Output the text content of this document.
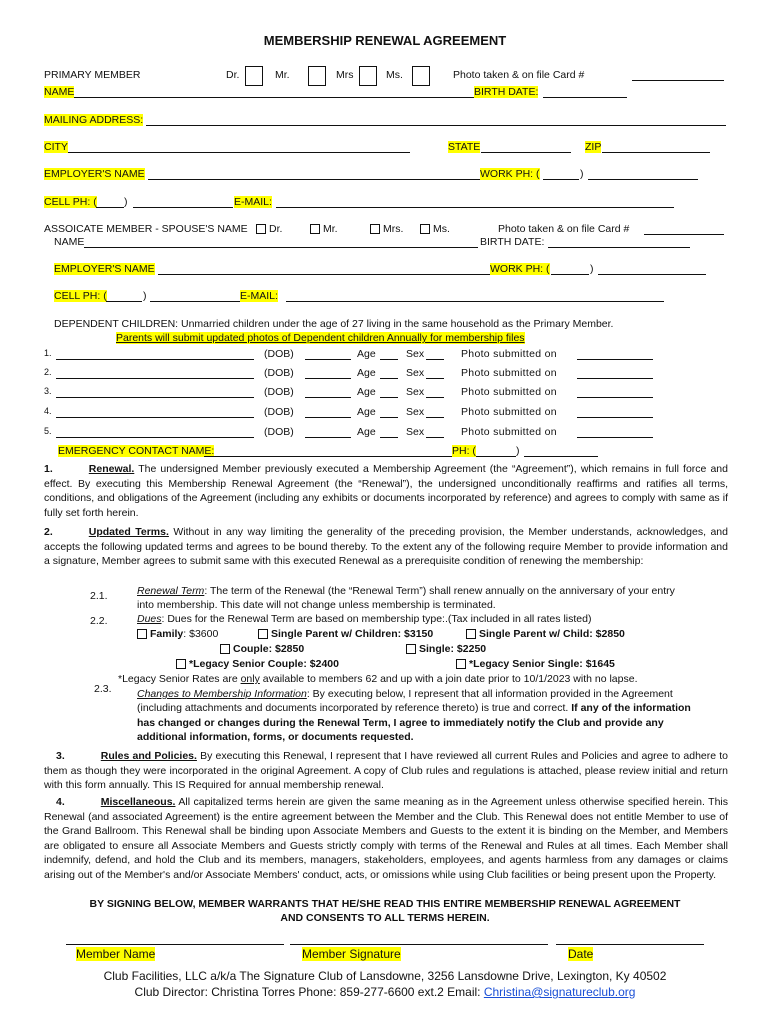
MEMBERSHIP RENEWAL AGREEMENT
PRIMARY MEMBER	Dr.	Mr.	Mrs	Ms.	Photo taken & on file Card #
NAME	BIRTH DATE:
MAILING ADDRESS:
CITY	STATE	ZIP
EMPLOYER'S NAME	WORK PH: (	)
CELL PH: (	)	E-MAIL:
ASSOICATE MEMBER - SPOUSE'S NAME	Dr.	Mr.	Mrs.	Ms.	Photo taken & on file Card #
NAME	BIRTH DATE:
EMPLOYER'S NAME	WORK PH: (	)
CELL PH: (	)	E-MAIL:
DEPENDENT CHILDREN: Unmarried children under the age of 27 living in the same household as the Primary Member.
Parents will submit updated photos of Dependent children Annually for membership files
1.	(DOB)	Age	Sex	Photo submitted on
2.	(DOB)	Age	Sex	Photo submitted on
3.	(DOB)	Age	Sex	Photo submitted on
4.	(DOB)	Age	Sex	Photo submitted on
5.	(DOB)	Age	Sex	Photo submitted on
EMERGENCY CONTACT NAME:	PH: (	)
1.	Renewal. The undersigned Member previously executed a Membership Agreement (the “Agreement”), which remains in full force and effect. By executing this Membership Renewal Agreement (the “Renewal”), the undersigned unconditionally reaffirms and ratifies all terms, conditions, and obligations of the Agreement (including any exhibits or documents incorporated by reference) and agrees to comply with same as if fully set forth herein.
2.	Updated Terms. Without in any way limiting the generality of the preceding provision, the Member understands, acknowledges, and accepts the following updated terms and agrees to be bound thereby. To the extent any of the following require Member to provide information and a signature, Member agrees to submit same with this executed Renewal as a prerequisite condition of renewing the membership:
2.1.	Renewal Term: The term of the Renewal (the “Renewal Term”) shall renew annually on the anniversary of your entry
into membership. This date will not change unless membership is terminated.
2.2.	Dues: Dues for the Renewal Term are based on membership type:.(Tax included in all rates listed)
Family: $3600	Single Parent w/ Children: $3150	Single Parent w/ Child: $2850
Couple: $2850	Single: $2250
*Legacy Senior Couple: $2400	*Legacy Senior Single: $1645
*Legacy Senior Rates are only available to members 62 and up with a join date prior to 10/1/2023 with no lapse.
2.3. Changes to Membership Information: By executing below, I represent that all information provided in the Agreement
(including attachments and documents incorporated by reference thereto) is true and correct. If any of the information
has changed or changes during the Renewal Term, I agree to immediately notify the Club and provide any
additional information, forms, or documents requested.
3.	Rules and Policies. By executing this Renewal, I represent that I have reviewed all current Rules and Policies and agree to adhere to them as though they were incorporated in the original Agreement. A copy of Club rules and regulations is attached, please review initial and return with this form annually. This IS Required for annual membership renewal.
4.	Miscellaneous. All capitalized terms herein are given the same meaning as in the Agreement unless otherwise specified herein. This Renewal (and associated Agreement) is the entire agreement between the Member and the Club. This Renewal does not entitle Member to use of the Grand Ballroom. This Renewal shall be binding upon Associate Members and Guests to the extent it is binding on the Member, and Members are obligated to ensure all Associate Members and Guests strictly comply with terms of the Renewal and Rules at all times. Each Member shall indemnify, defend, and hold the Club and its members, managers, stakeholders, employees, and agents harmless from any damages or claims arising out of the Member's and/or Associate Members' conduct, acts, or omissions while using Club facilities or being present upon the Property.
BY SIGNING BELOW, MEMBER WARRANTS THAT HE/SHE READ THIS ENTIRE MEMBERSHIP RENEWAL AGREEMENT
AND CONSENTS TO ALL TERMS HEREIN.
Member Name	Member Signature	Date
Club Facilities, LLC a/k/a The Signature Club of Lansdowne, 3256 Lansdowne Drive, Lexington, Ky 40502
Club Director: Christina Torres Phone: 859-277-6600 ext.2 Email: Christina@signatureclub.org
